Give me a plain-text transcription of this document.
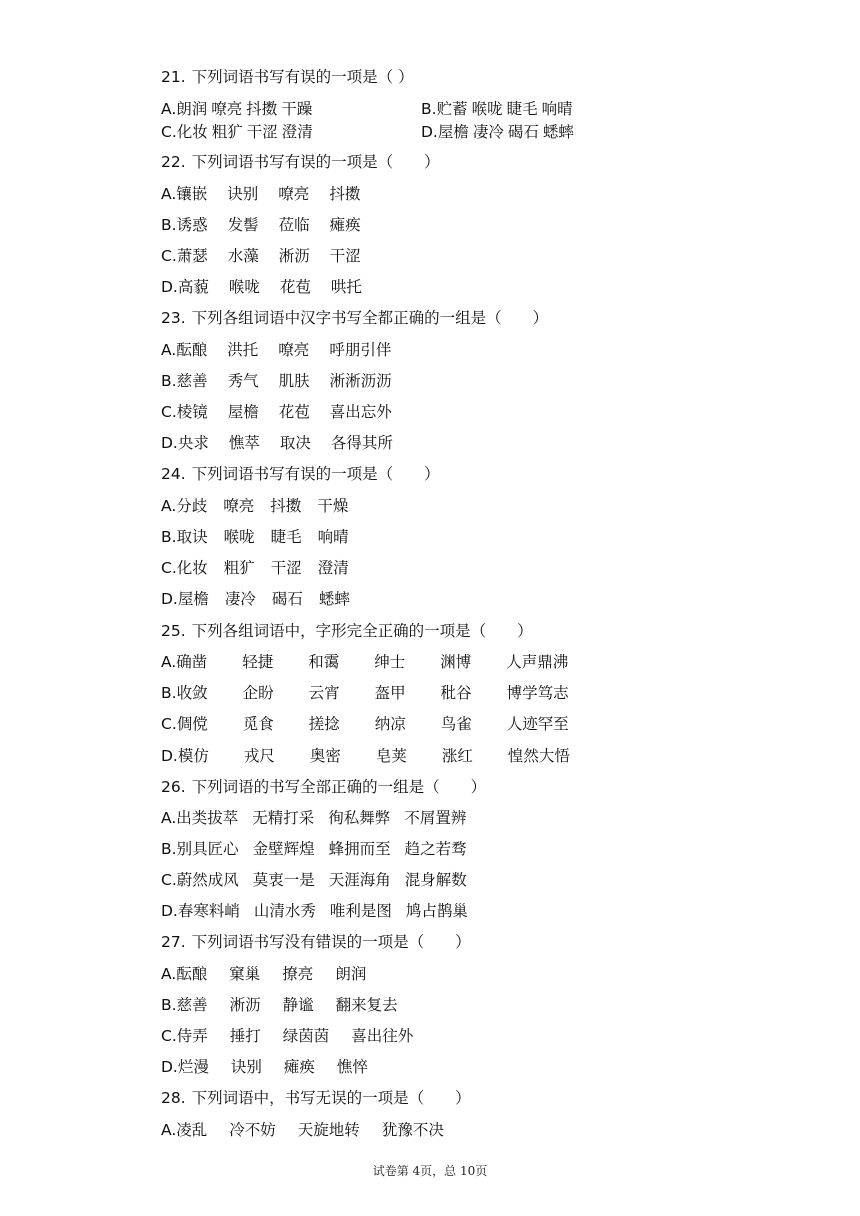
21. 下列词语书写有误的一项是（ ）
A.朗润 嘹亮 抖擞 干躁	B.贮蓄 喉咙 睫毛 响晴
C.化妆 粗犷 干涩 澄清	D.屋檐 凄冷 碣石 蟋蟀
22. 下列词语书写有误的一项是（　　）
A.镶嵌 诀别 嘹亮 抖擞
B.诱惑 发髻 莅临 瘫痪
C.萧瑟 水藻 淅沥 干涩
D.高藐 喉咙 花苞 哄托
23. 下列各组词语中汉字书写全都正确的一组是（　　）
A.酝酿 洪托 嘹亮 呼朋引伴
B.慈善 秀气 肌肤 淅淅沥沥
C.棱镜 屋檐 花苞 喜出忘外
D.央求 憔萃 取决 各得其所
24. 下列词语书写有误的一项是（　　）
A.分歧 嘹亮 抖擞 干燥
B.取诀 喉咙 睫毛 响晴
C.化妆 粗犷 干涩 澄清
D.屋檐 凄冷 碣石 蟋蟀
25. 下列各组词语中，字形完全正确的一项是（　　）
A.确凿 轻捷 和霭 绅士 渊博 人声鼎沸
B.收敛 企盼 云宵 盔甲 秕谷 博学笃志
C.倜傥 觅食 搓捻 纳凉 鸟雀 人迹罕至
D.模仿 戎尺 奥密 皂荚 涨红 惶然大悟
26. 下列词语的书写全部正确的一组是（　　）
A.出类拔萃 无精打采 徇私舞弊 不屑置辨
B.别具匠心 金壁辉煌 蜂拥而至 趋之若骛
C.蔚然成风 莫衷一是 天涯海角 混身解数
D.春寒料峭 山清水秀 唯利是图 鸠占鹊巢
27. 下列词语书写没有错误的一项是（　　）
A.酝酿 窠巢 撩亮 朗润
B.慈善 淅沥 静谧 翻来复去
C.侍弄 捶打 绿茵茵 喜出往外
D.烂漫 诀别 瘫痪 憔悴
28. 下列词语中，书写无误的一项是（　　）
A.凌乱 冷不妨 天旋地转 犹豫不决
试卷第 4页，总 10页
